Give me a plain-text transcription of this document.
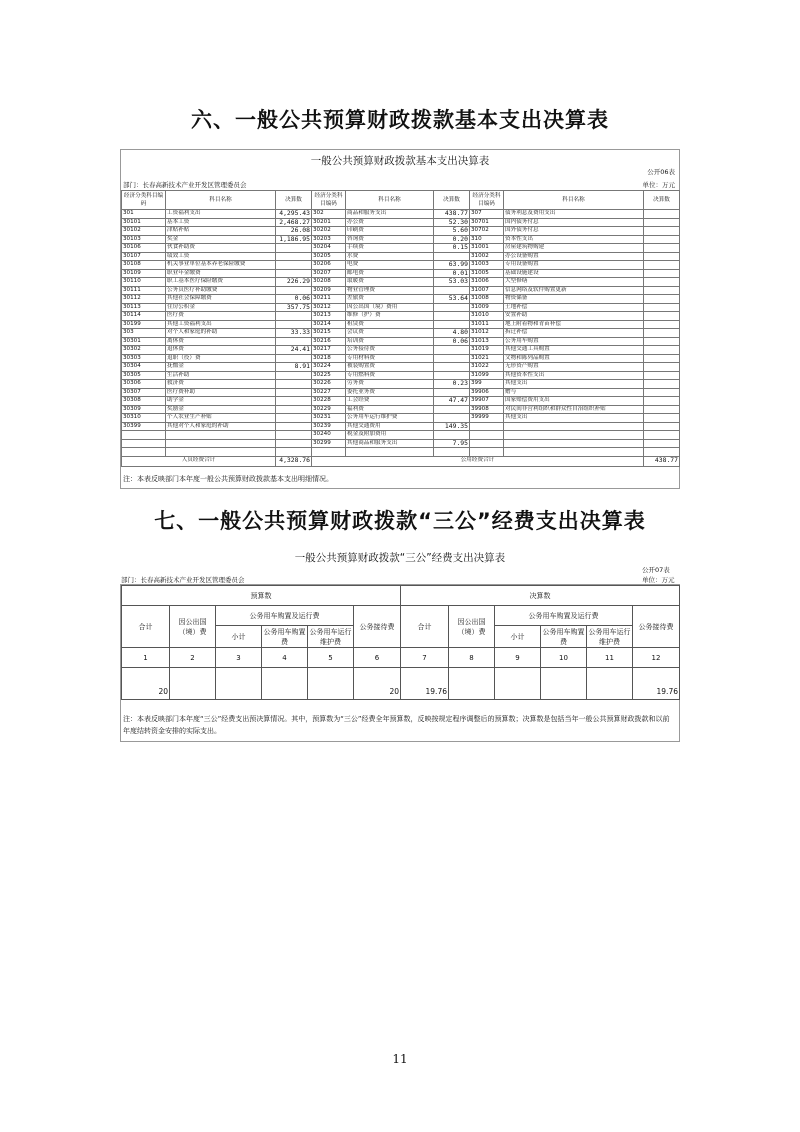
六、一般公共预算财政拨款基本支出决算表
一般公共预算财政拨款基本支出决算表
公开06表
部门：长春高新技术产业开发区管理委员会	单位：万元
经济分类科目编码	科目名称	决算数	经济分类科目编码	科目名称	决算数	经济分类科目编码	科目名称	决算数
301	工资福利支出	4,295.43	302	商品和服务支出	438.77	307	债务利息及费用支出	
30101	基本工资	2,468.27	30201	办公费	52.30	30701	国内债务付息	
30102	津贴补贴	26.08	30202	印刷费	5.60	30702	国外债务付息	
30103	奖金	1,186.95	30203	咨询费	0.20	310	资本性支出	
30106	伙食补助费		30204	手续费	0.15	31001	房屋建筑物购建	
30107	绩效工资		30205	水费		31002	办公设备购置	
30108	机关事业单位基本养老保险缴费		30206	电费	63.99	31003	专用设备购置	
30109	职业年金缴费		30207	邮电费	0.01	31005	基础设施建设	
30110	职工基本医疗保险缴费	226.29	30208	取暖费	53.03	31006	大型修缮	
30111	公务员医疗补助缴费		30209	物业管理费		31007	信息网络及软件购置更新	
30112	其他社会保障缴费	0.06	30211	差旅费	53.64	31008	物资储备	
30113	住房公积金	357.75	30212	因公出国（境）费用		31009	土地补偿	
30114	医疗费		30213	维修（护）费		31010	安置补助	
30199	其他工资福利支出		30214	租赁费		31011	地上附着物和青苗补偿	
303	对个人和家庭的补助	33.33	30215	会议费	4.80	31012	拆迁补偿	
30301	离休费		30216	培训费	0.06	31013	公务用车购置	
30302	退休费	24.41	30217	公务接待费		31019	其他交通工具购置	
30303	退职（役）费		30218	专用材料费		31021	文物和陈列品购置	
30304	抚恤金	8.91	30224	被装购置费		31022	无形资产购置	
30305	生活补助		30225	专用燃料费		31099	其他资本性支出	
30306	救济费		30226	劳务费	0.23	399	其他支出	
30307	医疗费补助		30227	委托业务费		39906	赠与	
30308	助学金		30228	工会经费	47.47	39907	国家赔偿费用支出	
30309	奖励金		30229	福利费		39908	对民间非营利组织和群众性自治组织补贴	
30310	个人农业生产补贴		30231	公务用车运行维护费		39999	其他支出	
30399	其他对个人和家庭的补助		30239	其他交通费用	149.35			
			30240	税金及附加费用				
			30299	其他商品和服务支出	7.95			

人员经费合计		4,328.76	公用经费合计					438.77
注：本表反映部门本年度一般公共预算财政拨款基本支出明细情况。
七、一般公共预算财政拨款“三公”经费支出决算表
一般公共预算财政拨款“三公”经费支出决算表
公开07表
部门：长春高新技术产业开发区管理委员会	单位：万元
预算数						决算数					
合计	因公出国（境）费	公务用车购置及运行费			公务接待费	合计	因公出国（境）费	公务用车购置及运行费			公务接待费
		小计	公务用车购置费	公务用车运行维护费				小计	公务用车购置费	公务用车运行维护费	
1	2	3	4	5	6	7	8	9	10	11	12
20					20	19.76					19.76
注：本表反映部门本年度“三公”经费支出预决算情况。其中，预算数为“三公”经费全年预算数，反映按规定程序调整后的预算数；决算数是包括当年一般公共预算财政拨款和以前年度结转资金安排的实际支出。
11
